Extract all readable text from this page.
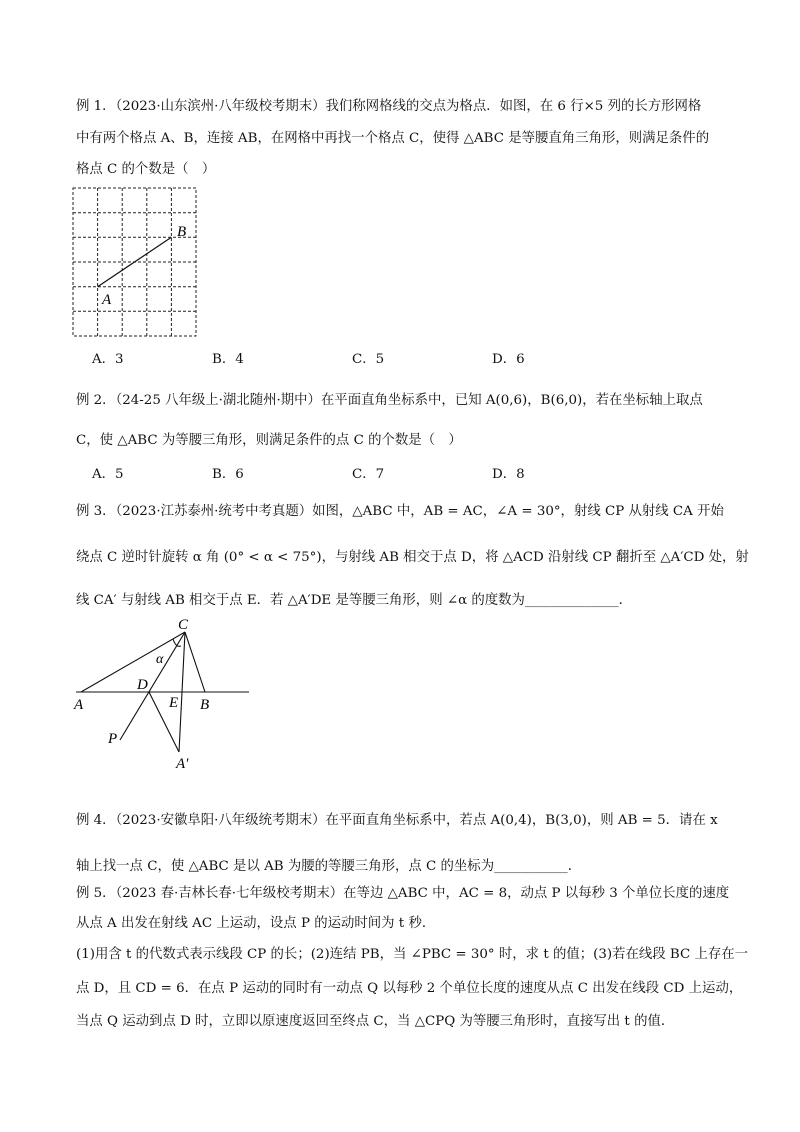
例 1．（2023·山东滨州·八年级校考期末）我们称网格线的交点为格点．如图，在 6 行×5 列的长方形网格
中有两个格点 A、B，连接 AB，在网格中再找一个格点 C，使得 △ABC 是等腰直角三角形，则满足条件的
格点 C 的个数是（　）
A
B
A．3	B．4	C．5	D．6
例 2．（24-25 八年级上·湖北随州·期中）在平面直角坐标系中，已知 A(0,6)，B(6,0)，若在坐标轴上取点
C，使 △ABC 为等腰三角形，则满足条件的点 C 的个数是（　）
A．5	B．6	C．7	D．8
例 3．（2023·江苏泰州·统考中考真题）如图，△ABC 中，AB = AC，∠A = 30°，射线 CP 从射线 CA 开始
绕点 C 逆时针旋转 α 角 (0° < α < 75°)，与射线 AB 相交于点 D，将 △ACD 沿射线 CP 翻折至 △A′CD 处，射
线 CA′ 与射线 AB 相交于点 E．若 △A′DE 是等腰三角形，则 ∠α 的度数为______________．
C
α
D
A	E B
P
A′
例 4．（2023·安徽阜阳·八年级统考期末）在平面直角坐标系中，若点 A(0,4)，B(3,0)，则 AB = 5．请在 x
轴上找一点 C，使 △ABC 是以 AB 为腰的等腰三角形，点 C 的坐标为___________．
例 5．（2023 春·吉林长春·七年级校考期末）在等边 △ABC 中，AC = 8，动点 P 以每秒 3 个单位长度的速度
从点 A 出发在射线 AC 上运动，设点 P 的运动时间为 t 秒．
(1)用含 t 的代数式表示线段 CP 的长；(2)连结 PB，当 ∠PBC = 30° 时，求 t 的值；(3)若在线段 BC 上存在一
点 D，且 CD = 6．在点 P 运动的同时有一动点 Q 以每秒 2 个单位长度的速度从点 C 出发在线段 CD 上运动，
当点 Q 运动到点 D 时，立即以原速度返回至终点 C，当 △CPQ 为等腰三角形时，直接写出 t 的值．
